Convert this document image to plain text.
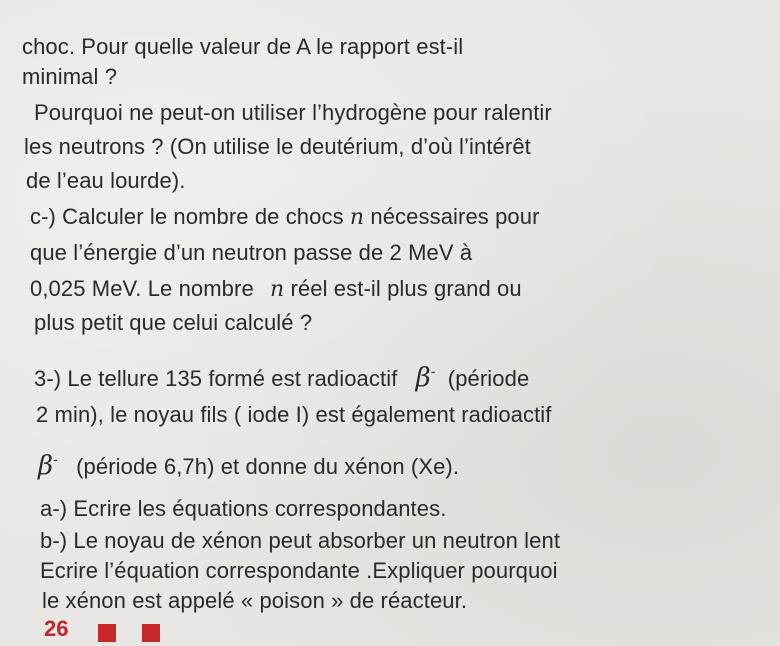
choc. Pour quelle valeur de A le rapport est-il
minimal ?
Pourquoi ne peut-on utiliser l’hydrogène pour ralentir
les neutrons ? (On utilise le deutérium, d’où l’intérêt
de l’eau lourde).
c-) Calculer le nombre de chocs n nécessaires pour
que l’énergie d’un neutron passe de 2 MeV à
0,025 MeV. Le nombre n réel est-il plus grand ou
plus petit que celui calculé ?
3-) Le tellure 135 formé est radioactif β- (période
2 min), le noyau fils ( iode I) est également radioactif
β- (période 6,7h) et donne du xénon (Xe).
a-) Ecrire les équations correspondantes.
b-) Le noyau de xénon peut absorber un neutron lent
Ecrire l’équation correspondante .Expliquer pourquoi
le xénon est appelé « poison » de réacteur.
26
